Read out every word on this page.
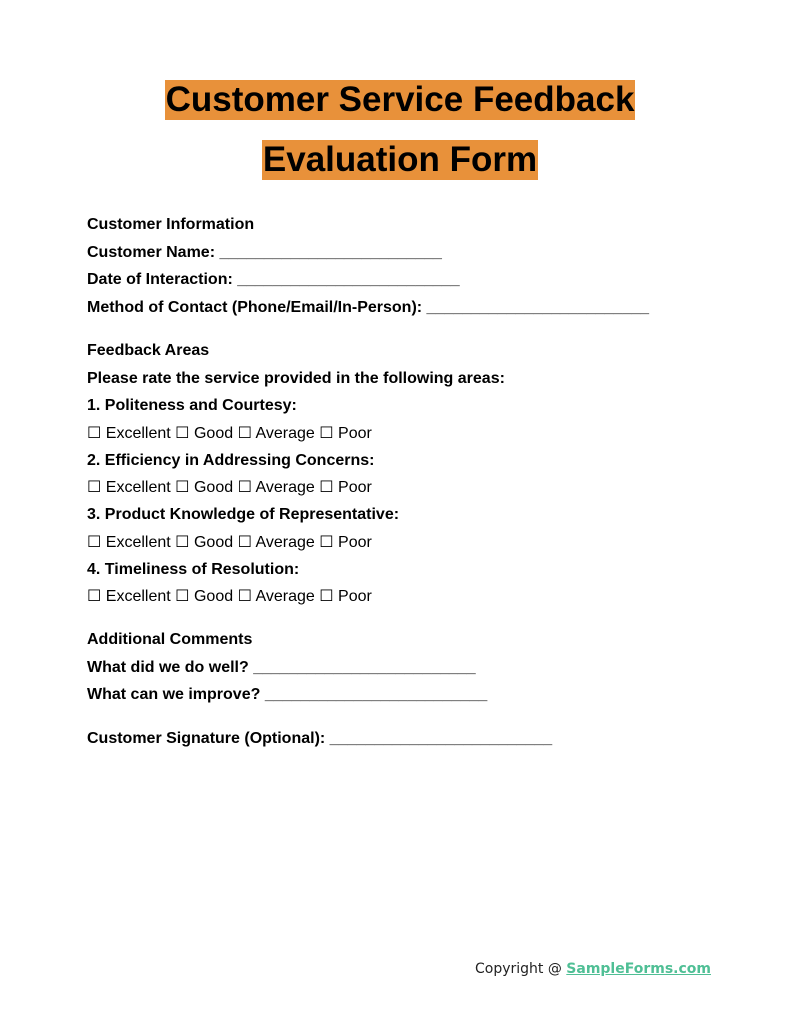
Customer Service Feedback
Evaluation Form
Customer Information
Customer Name: _________________________
Date of Interaction: _________________________
Method of Contact (Phone/Email/In-Person): _________________________
Feedback Areas
Please rate the service provided in the following areas:
1. Politeness and Courtesy:
☐ Excellent ☐ Good ☐ Average ☐ Poor
2. Efficiency in Addressing Concerns:
☐ Excellent ☐ Good ☐ Average ☐ Poor
3. Product Knowledge of Representative:
☐ Excellent ☐ Good ☐ Average ☐ Poor
4. Timeliness of Resolution:
☐ Excellent ☐ Good ☐ Average ☐ Poor
Additional Comments
What did we do well? _________________________
What can we improve? _________________________
Customer Signature (Optional): _________________________
Copyright @ SampleForms.com
